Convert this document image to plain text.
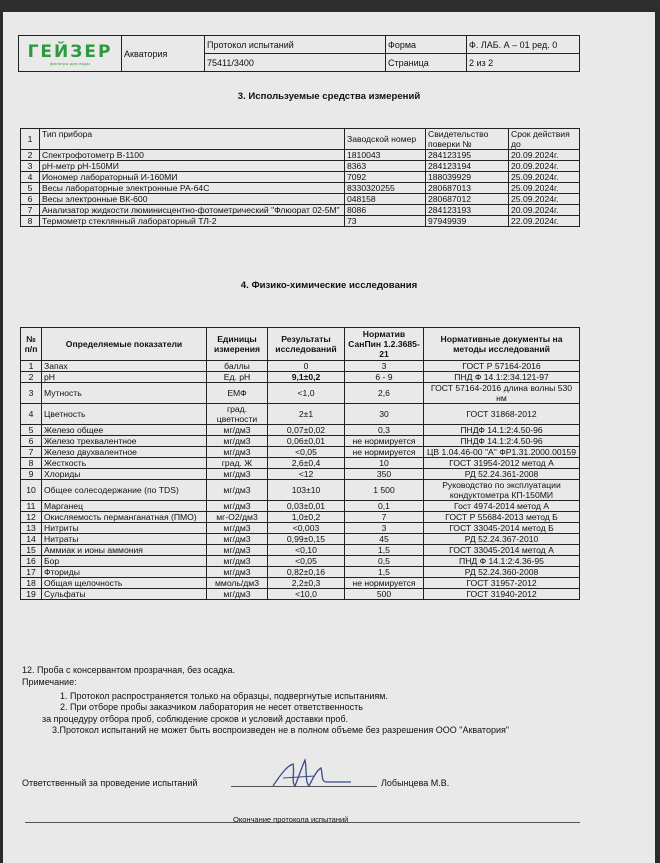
ГЕЙЗЕР
фильтры для воды	Акватория	Протокол испытаний	Форма	Ф. ЛАБ. А – 01 ред. 0
		75411/3400	Страница	2 из 2
3. Используемые средства измерений
1	Тип прибора	Заводской номер	Свидетельство поверки №	Срок действия до
2	Спектрофотометр В-1100	1810043	284123195	20.09.2024г.
3	pH-метр pH-150МИ	8363	284123194	20.09.2024г.
4	Иономер лабораторный И-160МИ	7092	188039929	25.09.2024г.
5	Весы лабораторные электронные РА-64С	8330320255	280687013	25.09.2024г.
6	Весы электронные ВК-600	048158	280687012	25.09.2024г.
7	Анализатор жидкости люминисцентно-фотометрический "Флюорат 02-5М"	8086	284123193	20.09.2024г.
8	Термометр стеклянный лабораторный ТЛ-2	73	97949939	22.09.2024г.
4. Физико-химические исследования
№ п/п	Определяемые показатели	Единицы измерения	Результаты исследований	Норматив СанПин 1.2.3685-21	Нормативные документы на методы исследований
1	Запах	баллы	0	3	ГОСТ Р 57164-2016
2	pH	Ед. pH	9,1±0,2	6 - 9	ПНД Ф 14.1:2:34.121-97
3	Мутность	ЕМФ	<1,0	2,6	ГОСТ 57164-2016 длина волны 530 нм
4	Цветность	град. цветности	2±1	30	ГОСТ 31868-2012
5	Железо общее	мг/дм3	0,07±0,02	0,3	ПНДФ 14.1:2:4.50-96
6	Железо трехвалентное	мг/дм3	0,06±0,01	не нормируется	ПНДФ 14.1:2:4.50-96
7	Железо двухвалентное	мг/дм3	<0,05	не нормируется	ЦВ 1.04.46-00 "А" ФР1.31.2000.00159
8	Жесткость	град. Ж	2,6±0,4	10	ГОСТ 31954-2012 метод А
9	Хлориды	мг/дм3	<12	350	РД 52.24.361-2008
10	Общее солесодержание (по TDS)	мг/дм3	103±10	1 500	Руководство по эксплуатации кондуктометра КП-150МИ
11	Марганец	мг/дм3	0,03±0,01	0,1	Гост 4974-2014 метод А
12	Окисляемость перманганатная (ПМО)	мг-О2/дм3	1,0±0,2	7	ГОСТ Р 55684-2013 метод Б
13	Нитриты	мг/дм3	<0,003	3	ГОСТ 33045-2014 метод Б
14	Нитраты	мг/дм3	0,99±0,15	45	РД 52.24.367-2010
15	Аммиак и ионы аммония	мг/дм3	<0,10	1,5	ГОСТ 33045-2014 метод А
16	Бор	мг/дм3	<0,05	0,5	ПНД Ф 14.1:2:4.36-95
17	Фториды	мг/дм3	0,82±0,16	1,5	РД 52.24.360-2008
18	Общая щелочность	ммоль/дм3	2,2±0,3	не нормируется	ГОСТ 31957-2012
19	Сульфаты	мг/дм3	<10,0	500	ГОСТ 31940-2012
12. Проба с консервантом прозрачная, без осадка.
Примечание:
1. Протокол распространяется только на образцы, подвергнутые испытаниям.
2. При отборе пробы заказчиком лаборатория не несет ответственность
за процедуру отбора проб, соблюдение сроков и условий доставки проб.
3.Протокол испытаний не может быть воспроизведен не в полном объеме без разрешения ООО "Акватория"
Ответственный за проведение испытаний	Лобынцева М.В.
Окончание протокола испытаний
